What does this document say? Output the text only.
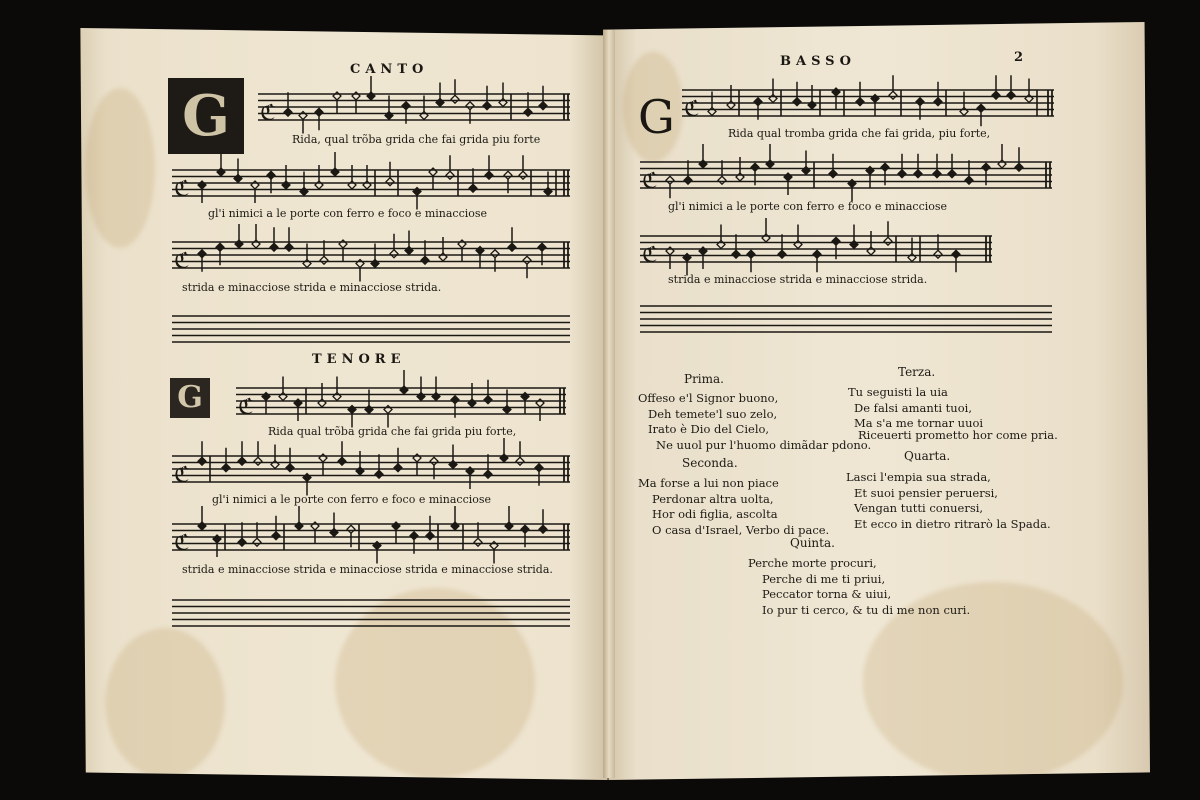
CANTO
G	ℭ
Rida, qual trõba grida che fai grida piu forte
ℭ
gl'i nimici a le porte con ferro e foco e minacciose
ℭ
strida e minacciose strida e minacciose strida.
TENORE
G	ℭ
Rida qual trõba grida che fai grida piu forte,
ℭ
gl'i nimici a le porte con ferro e foco e minacciose
ℭ
strida e minacciose strida e minacciose strida e minacciose strida.
BASSO	2
G ℭ
Rida qual tromba grida che fai grida, piu forte,
ℭ
gl'i nimici a le porte con ferro e foco e minacciose
ℭ
strida e minacciose strida e minacciose strida.
Prima.
Offeso e'l Signor buono,
Deh temete'l suo zelo,
Irato è Dio del Cielo,
Ne uuol pur l'huomo dimãdar pdono.
Seconda.
Ma forse a lui non piace
Perdonar altra uolta,
Hor odi figlia, ascolta
O casa d'Israel, Verbo di pace.
Terza.
Tu seguisti la uia
De falsi amanti tuoi,
Ma s'a me tornar uuoi
Riceuerti prometto hor come pria.
Quarta.
Lasci l'empia sua strada,
Et suoi pensier peruersi,
Vengan tutti conuersi,
Et ecco in dietro ritrarò la Spada.
Quinta.
Perche morte procuri,
Perche di me ti priui,
Peccator torna & uiui,
Io pur ti cerco, & tu di me non curi.
